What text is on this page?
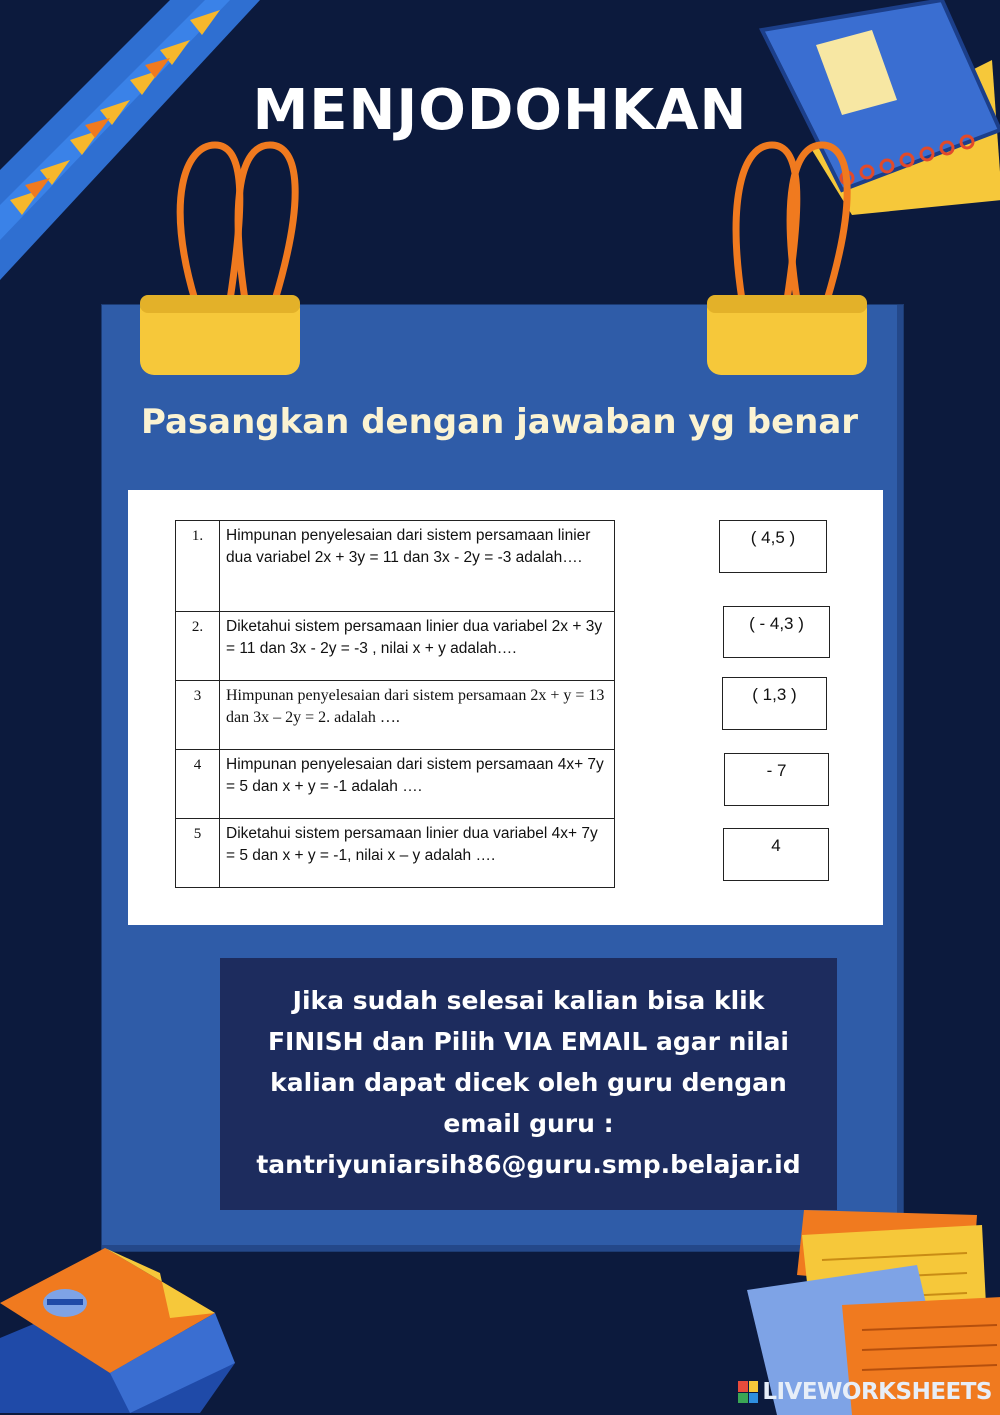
MENJODOHKAN
Pasangkan dengan jawaban yg benar
1.	Himpunan penyelesaian dari sistem persamaan linier dua variabel 2x + 3y = 11 dan 3x - 2y = -3 adalah….
2.	Diketahui sistem persamaan linier dua variabel 2x + 3y = 11 dan 3x - 2y = -3 , nilai x + y adalah….
3	Himpunan penyelesaian dari sistem persamaan 2x + y = 13 dan 3x – 2y = 2. adalah ….
4	Himpunan penyelesaian dari sistem persamaan 4x+ 7y = 5 dan x + y = -1 adalah ….
5	Diketahui sistem persamaan linier dua variabel 4x+ 7y = 5 dan x + y = -1, nilai x – y adalah ….
( 4,5 )
( - 4,3 )
( 1,3 )
- 7
4
Jika sudah selesai kalian bisa klik
FINISH dan Pilih VIA EMAIL agar nilai
kalian dapat dicek oleh guru dengan
email guru :
tantriyuniarsih86@guru.smp.belajar.id
LIVEWORKSHEETS
